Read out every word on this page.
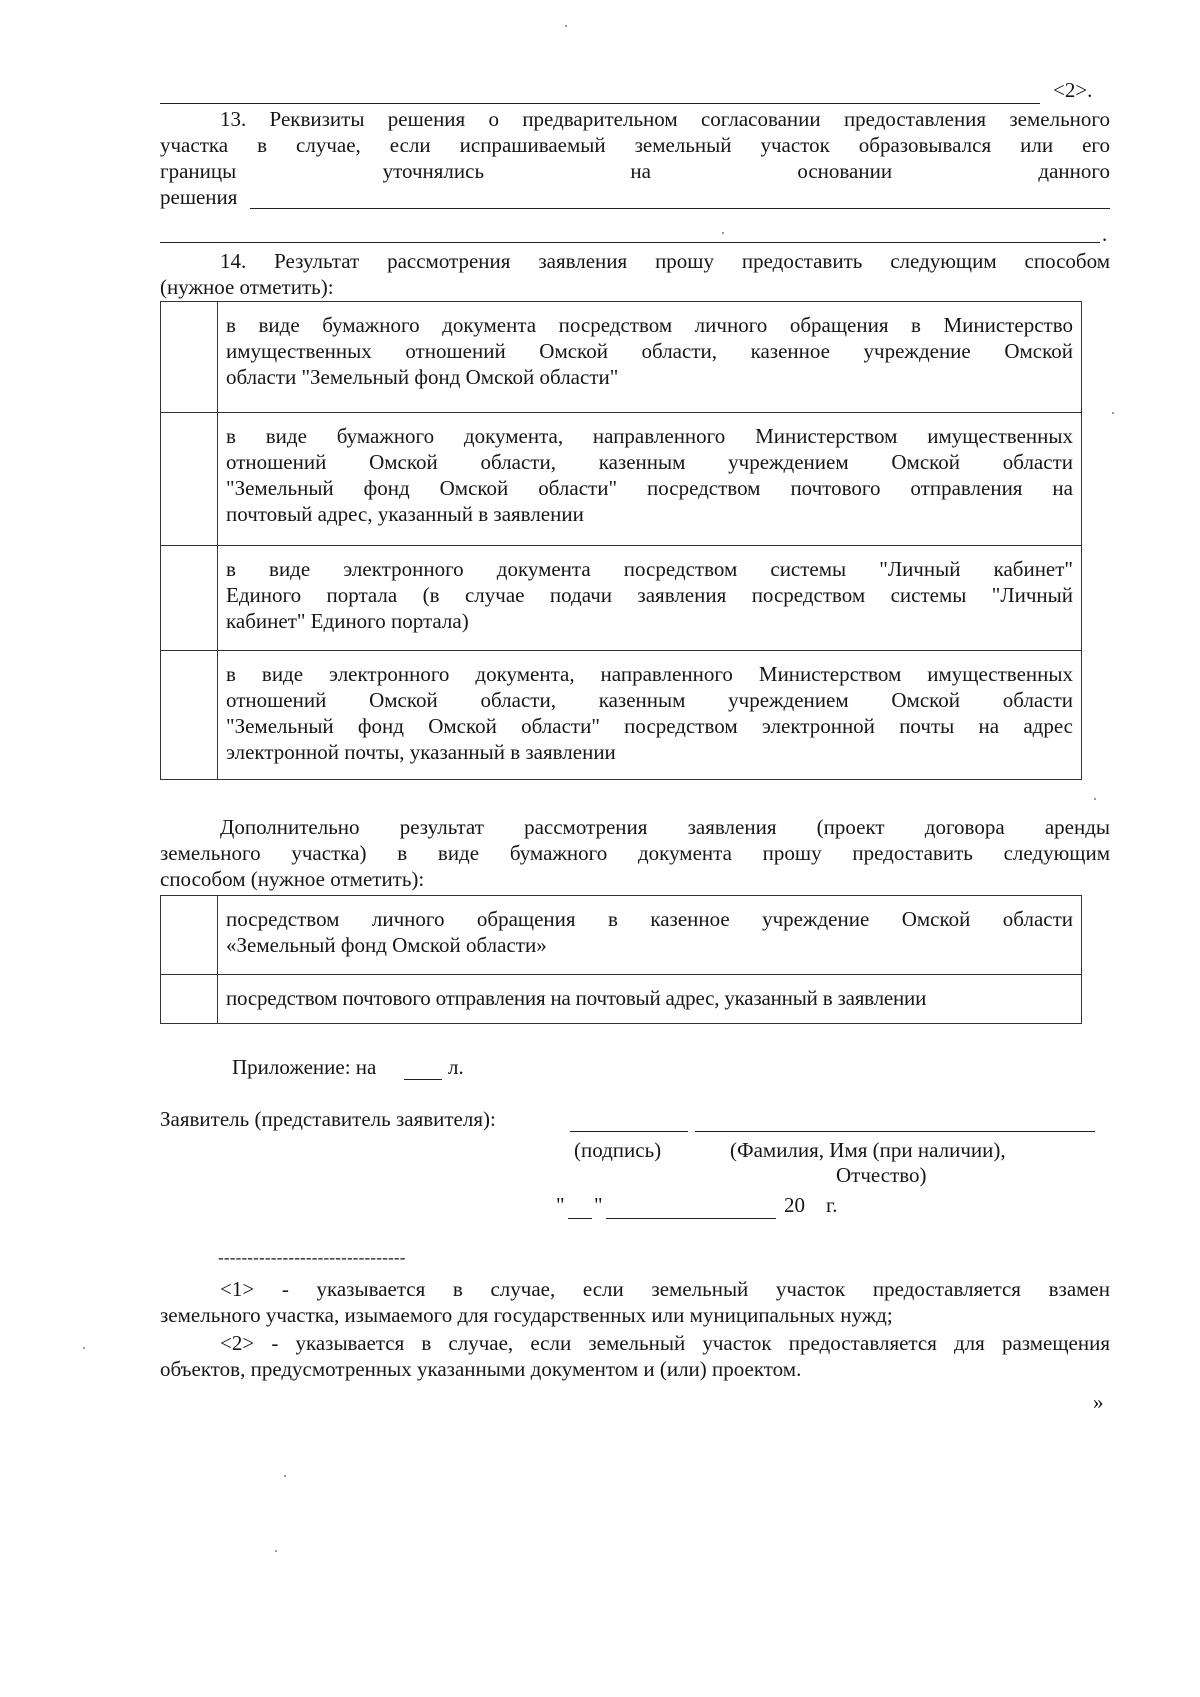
<2>.
13. Реквизиты решения о предварительном согласовании предоставления земельного
участка в случае, если испрашиваемый земельный участок образовывался или его
границы уточнялись на основании данного
решения
.
14. Результат рассмотрения заявления прошу предоставить следующим способом
(нужное отметить):

	в виде бумажного документа посредством личного обращения в Министерство
имущественных отношений Омской области, казенное учреждение Омской
области "Земельный фонд Омской области"

	в виде бумажного документа, направленного Министерством имущественных
отношений Омской области, казенным учреждением Омской области
"Земельный фонд Омской области" посредством почтового отправления на
почтовый адрес, указанный в заявлении

	в виде электронного документа посредством системы "Личный кабинет"
Единого портала (в случае подачи заявления посредством системы "Личный
кабинет" Единого портала)

	в виде электронного документа, направленного Министерством имущественных
отношений Омской области, казенным учреждением Омской области
"Земельный фонд Омской области" посредством электронной почты на адрес
электронной почты, указанный в заявлении
Дополнительно результат рассмотрения заявления (проект договора аренды
земельного участка) в виде бумажного документа прошу предоставить следующим
способом (нужное отметить):

	посредством личного обращения в казенное учреждение Омской области
«Земельный фонд Омской области»

	посредством почтового отправления на почтовый адрес, указанный в заявлении
Приложение: на	л.
Заявитель (представитель заявителя):
(подпись)	(Фамилия, Имя (при наличии),
Отчество)
" "	20 г.
--------------------------------
<1> - указывается в случае, если земельный участок предоставляется взамен
земельного участка, изымаемого для государственных или муниципальных нужд;
<2> - указывается в случае, если земельный участок предоставляется для размещения
объектов, предусмотренных указанными документом и (или) проектом.
»
